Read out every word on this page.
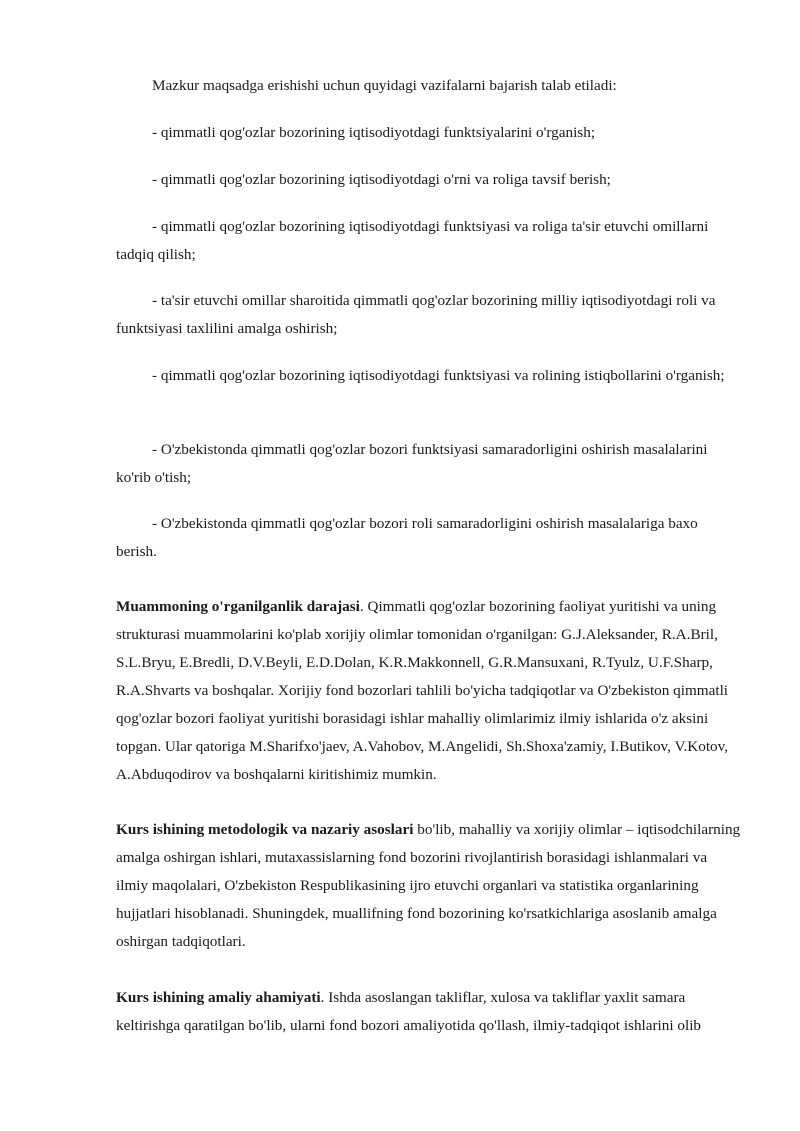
Mazkur maqsadga erishishi uchun quyidagi vazifalarni bajarish talab etiladi:

- qimmatli qog'ozlar bozorining iqtisodiyotdagi funktsiyalarini o'rganish;

- qimmatli qog'ozlar bozorining iqtisodiyotdagi o'rni va roliga tavsif berish;

- qimmatli qog'ozlar bozorining iqtisodiyotdagi funktsiyasi va roliga ta'sir etuvchi omillarni tadqiq qilish;

- ta'sir etuvchi omillar sharoitida qimmatli qog'ozlar bozorining milliy iqtisodiyotdagi roli va funktsiyasi taxlilini amalga oshirish;

- qimmatli qog'ozlar bozorining iqtisodiyotdagi funktsiyasi va rolining istiqbollarini o'rganish;

- O'zbekistonda qimmatli qog'ozlar bozori funktsiyasi samaradorligini oshirish masalalarini ko'rib o'tish;

- O'zbekistonda qimmatli qog'ozlar bozori roli samaradorligini oshirish masalalariga baxo berish.

Muammoning o'rganilganlik darajasi. Qimmatli qog'ozlar bozorining faoliyat yuritishi va uning strukturasi muammolarini ko'plab xorijiy olimlar tomonidan o'rganilgan: G.J.Aleksander, R.A.Bril, S.L.Bryu, E.Bredli, D.V.Beyli, E.D.Dolan, K.R.Makkonnell, G.R.Mansuxani, R.Tyulz, U.F.Sharp, R.A.Shvarts va boshqalar. Xorijiy fond bozorlari tahlili bo'yicha tadqiqotlar va O'zbekiston qimmatli qog'ozlar bozori faoliyat yuritishi borasidagi ishlar mahalliy olimlarimiz ilmiy ishlarida o'z aksini topgan. Ular qatoriga M.Sharifxo'jaev, A.Vahobov, M.Angelidi, Sh.Shoxa'zamiy, I.Butikov, V.Kotov, A.Abduqodirov va boshqalarni kiritishimiz mumkin.

Kurs ishining metodologik va nazariy asoslari bo'lib, mahalliy va xorijiy olimlar – iqtisodchilarning amalga oshirgan ishlari, mutaxassislarning fond bozorini rivojlantirish borasidagi ishlanmalari va ilmiy maqolalari, O'zbekiston Respublikasining ijro etuvchi organlari va statistika organlarining hujjatlari hisoblanadi. Shuningdek, muallifning fond bozorining ko'rsatkichlariga asoslanib amalga oshirgan tadqiqotlari.

Kurs ishining amaliy ahamiyati. Ishda asoslangan takliflar, xulosa va takliflar yaxlit samara keltirishga qaratilgan bo'lib, ularni fond bozori amaliyotida qo'llash, ilmiy-tadqiqot ishlarini olib
